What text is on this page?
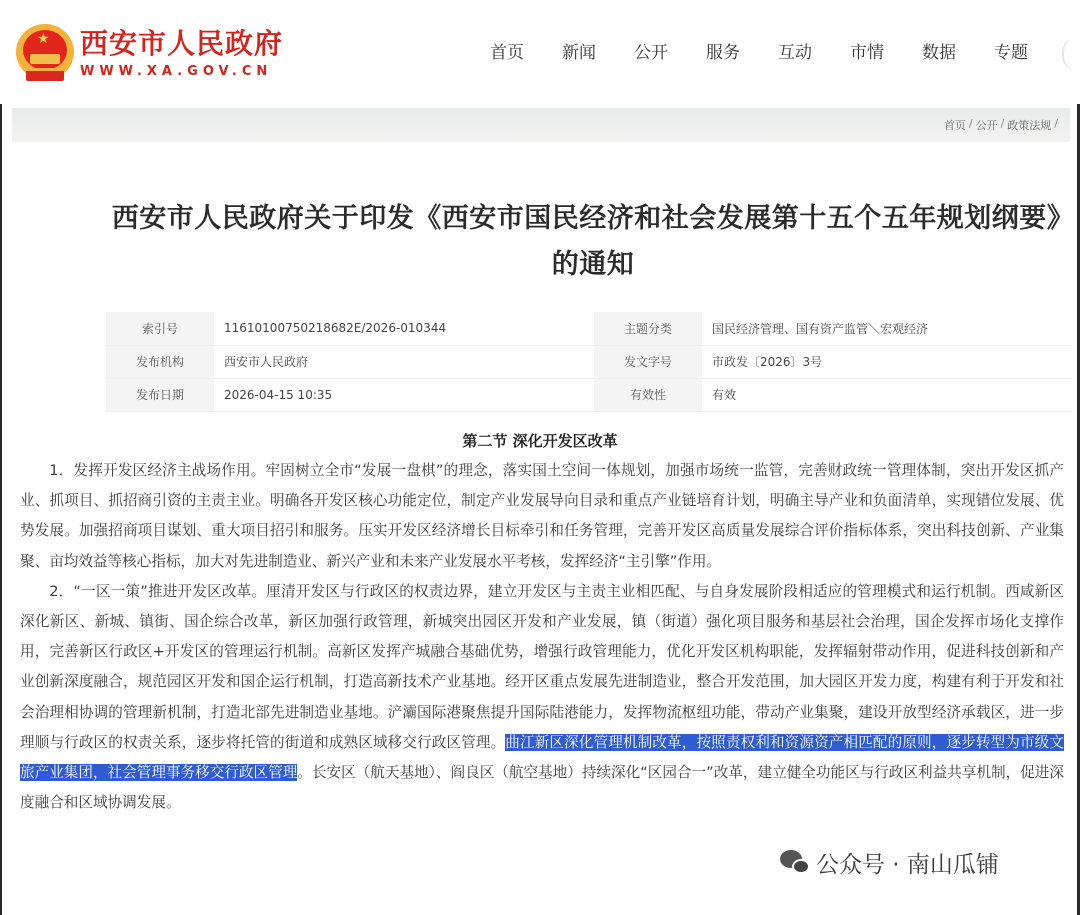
★ 西安市人民政府
WWW.XA.GOV.CN
首页	新闻	公开	服务	互动	市情	数据	专题
首页 / 公开 / 政策法规 /
西安市人民政府关于印发《西安市国民经济和社会发展第十五个五年规划纲要》的通知
索引号	11610100750218682E/2026-010344	主题分类	国民经济管理、国有资产监管＼宏观经济
发布机构	西安市人民政府	发文字号	市政发〔2026〕3号
发布日期	2026-04-15 10:35	有效性	有效
第二节 深化开发区改革

1．发挥开发区经济主战场作用。牢固树立全市“发展一盘棋”的理念，落实国土空间一体规划，加强市场统一监管，完善财政统一管理体制，突出开发区抓产业、抓项目、抓招商引资的主责主业。明确各开发区核心功能定位，制定产业发展导向目录和重点产业链培育计划，明确主导产业和负面清单，实现错位发展、优势发展。加强招商项目谋划、重大项目招引和服务。压实开发区经济增长目标牵引和任务管理，完善开发区高质量发展综合评价指标体系，突出科技创新、产业集聚、亩均效益等核心指标，加大对先进制造业、新兴产业和未来产业发展水平考核，发挥经济“主引擎”作用。

2．“一区一策”推进开发区改革。厘清开发区与行政区的权责边界，建立开发区与主责主业相匹配、与自身发展阶段相适应的管理模式和运行机制。西咸新区深化新区、新城、镇街、国企综合改革，新区加强行政管理，新城突出园区开发和产业发展，镇（街道）强化项目服务和基层社会治理，国企发挥市场化支撑作用，完善新区行政区+开发区的管理运行机制。高新区发挥产城融合基础优势，增强行政管理能力，优化开发区机构职能，发挥辐射带动作用，促进科技创新和产业创新深度融合，规范园区开发和国企运行机制，打造高新技术产业基地。经开区重点发展先进制造业，整合开发范围，加大园区开发力度，构建有利于开发和社会治理相协调的管理新机制，打造北部先进制造业基地。浐灞国际港聚焦提升国际陆港能力，发挥物流枢纽功能，带动产业集聚，建设开放型经济承载区，进一步理顺与行政区的权责关系，逐步将托管的街道和成熟区域移交行政区管理。曲江新区深化管理机制改革，按照责权利和资源资产相匹配的原则，逐步转型为市级文旅产业集团，社会管理事务移交行政区管理。长安区（航天基地）、阎良区（航空基地）持续深化“区园合一”改革，建立健全功能区与行政区利益共享机制，促进深度融合和区域协调发展。

公众号 · 南山瓜铺
